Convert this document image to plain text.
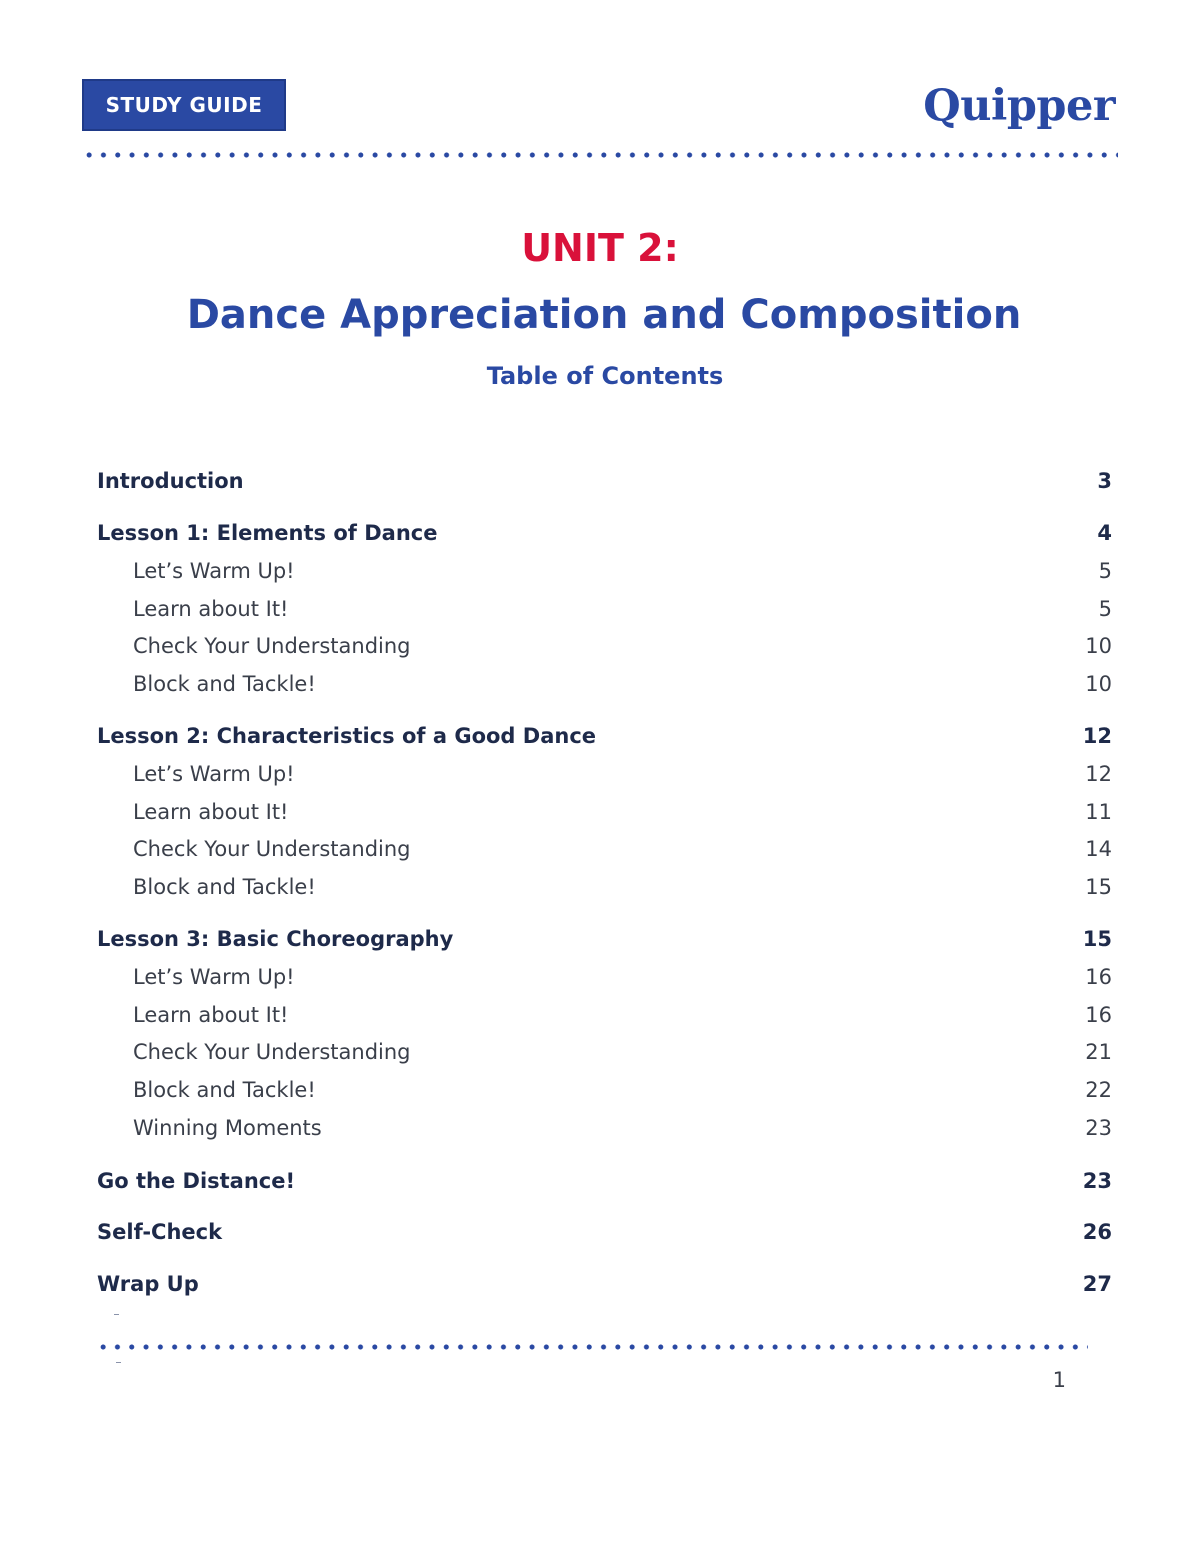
STUDY GUIDE	Quipper
UNIT 2:
Dance Appreciation and Composition
Table of Contents
Introduction	3
Lesson 1: Elements of Dance	4
Let’s Warm Up!	5
Learn about It!	5
Check Your Understanding	10
Block and Tackle!	10
Lesson 2: Characteristics of a Good Dance	12
Let’s Warm Up!	12
Learn about It!	11
Check Your Understanding	14
Block and Tackle!	15
Lesson 3: Basic Choreography	15
Let’s Warm Up!	16
Learn about It!	16
Check Your Understanding	21
Block and Tackle!	22
Winning Moments	23
Go the Distance!	23
Self-Check	26
Wrap Up	27
1
